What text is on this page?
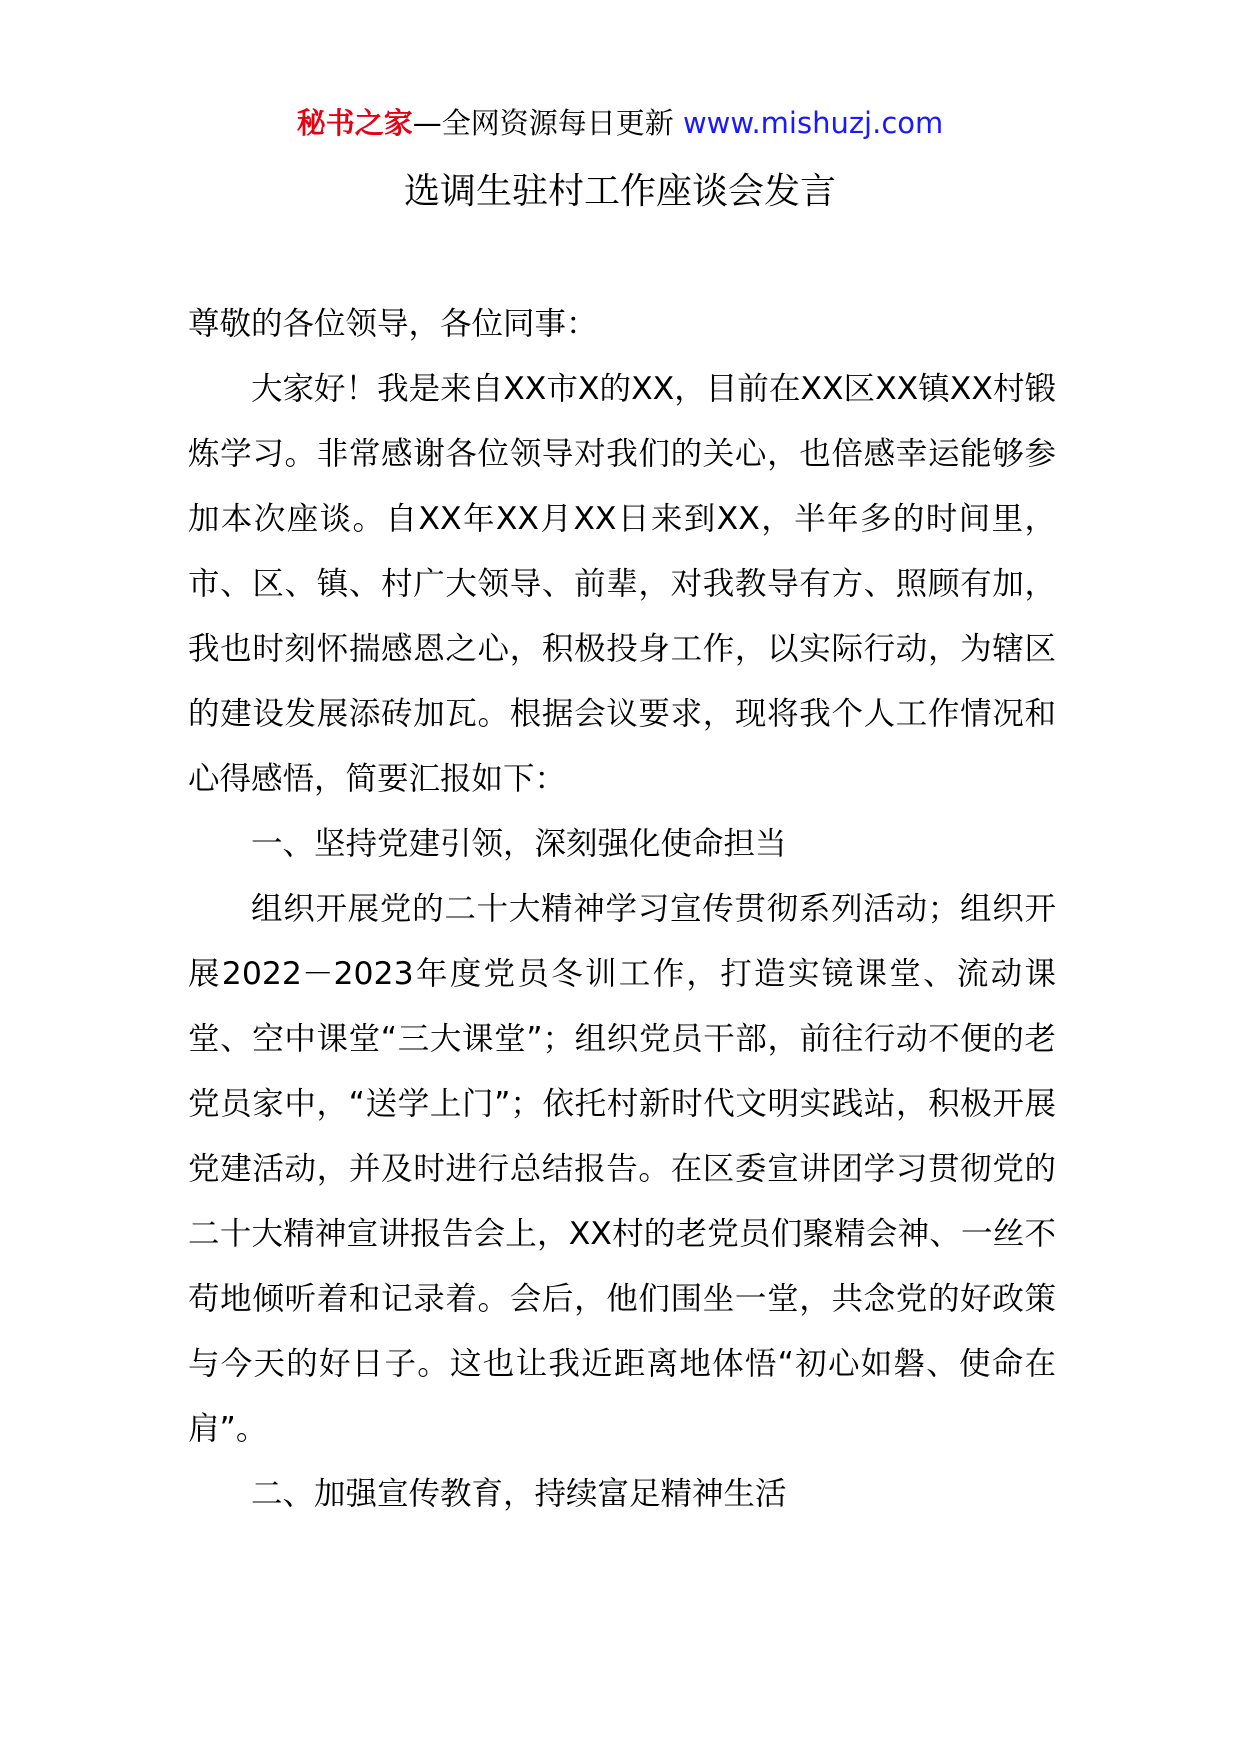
秘书之家—全网资源每日更新 www.mishuzj.com
选调生驻村工作座谈会发言

尊敬的各位领导，各位同事：

大家好！我是来自XX市X的XX，目前在XX区XX镇XX村锻炼学习。非常感谢各位领导对我们的关心，也倍感幸运能够参加本次座谈。自XX年XX月XX日来到XX，半年多的时间里，市、区、镇、村广大领导、前辈，对我教导有方、照顾有加，我也时刻怀揣感恩之心，积极投身工作，以实际行动，为辖区的建设发展添砖加瓦。根据会议要求，现将我个人工作情况和心得感悟，简要汇报如下：

一、坚持党建引领，深刻强化使命担当

组织开展党的二十大精神学习宣传贯彻系列活动；组织开展2022－2023年度党员冬训工作，打造实镜课堂、流动课堂、空中课堂“三大课堂”；组织党员干部，前往行动不便的老党员家中，“送学上门”；依托村新时代文明实践站，积极开展党建活动，并及时进行总结报告。在区委宣讲团学习贯彻党的二十大精神宣讲报告会上，XX村的老党员们聚精会神、一丝不苟地倾听着和记录着。会后，他们围坐一堂，共念党的好政策与今天的好日子。这也让我近距离地体悟“初心如磐、使命在肩”。

二、加强宣传教育，持续富足精神生活
